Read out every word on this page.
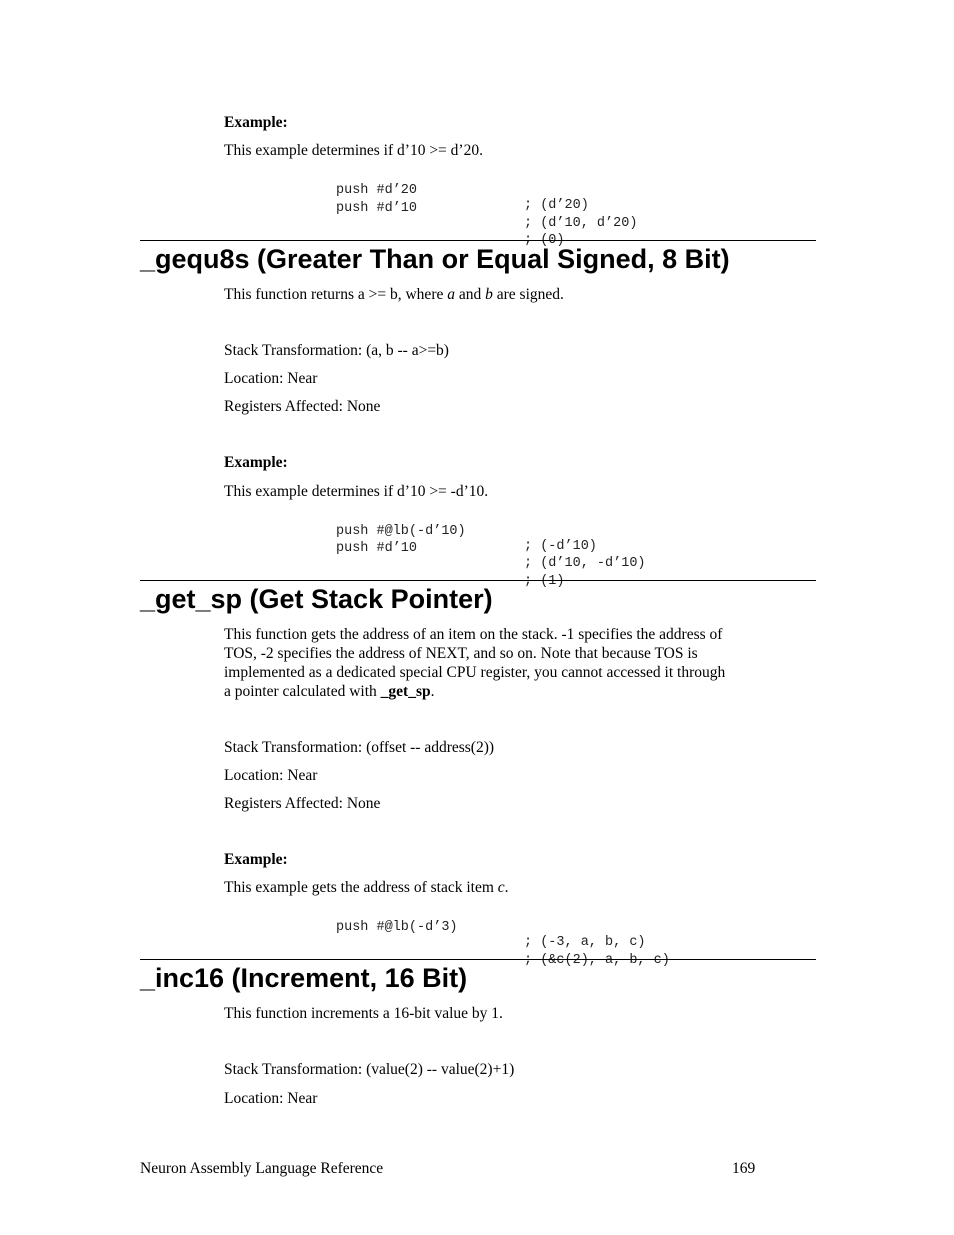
Example:
This example determines if d’10 >= d’20.

push #d’20

; (d’20)

push #d’10

; (d’10, d’20)

; (0)

_gequ8s (Greater Than or Equal Signed, 8 Bit)
This function returns a >= b, where a and b are signed.
Stack Transformation: (a, b -- a>=b)
Location: Near
Registers Affected: None
Example:
This example determines if d’10 >= -d’10.

push #@lb(-d’10)

; (-d’10)

push #d’10

; (d’10, -d’10)

; (1)

_get_sp (Get Stack Pointer)
This function gets the address of an item on the stack. -1 specifies the address of
TOS, -2 specifies the address of NEXT, and so on. Note that because TOS is
implemented as a dedicated special CPU register, you cannot accessed it through
a pointer calculated with _get_sp.
Stack Transformation: (offset -- address(2))
Location: Near
Registers Affected: None
Example:
This example gets the address of stack item c.

push #@lb(-d’3)

; (-3, a, b, c)

; (&c(2), a, b, c)

_inc16 (Increment, 16 Bit)
This function increments a 16-bit value by 1.
Stack Transformation: (value(2) -- value(2)+1)
Location: Near
Neuron Assembly Language Reference	169
